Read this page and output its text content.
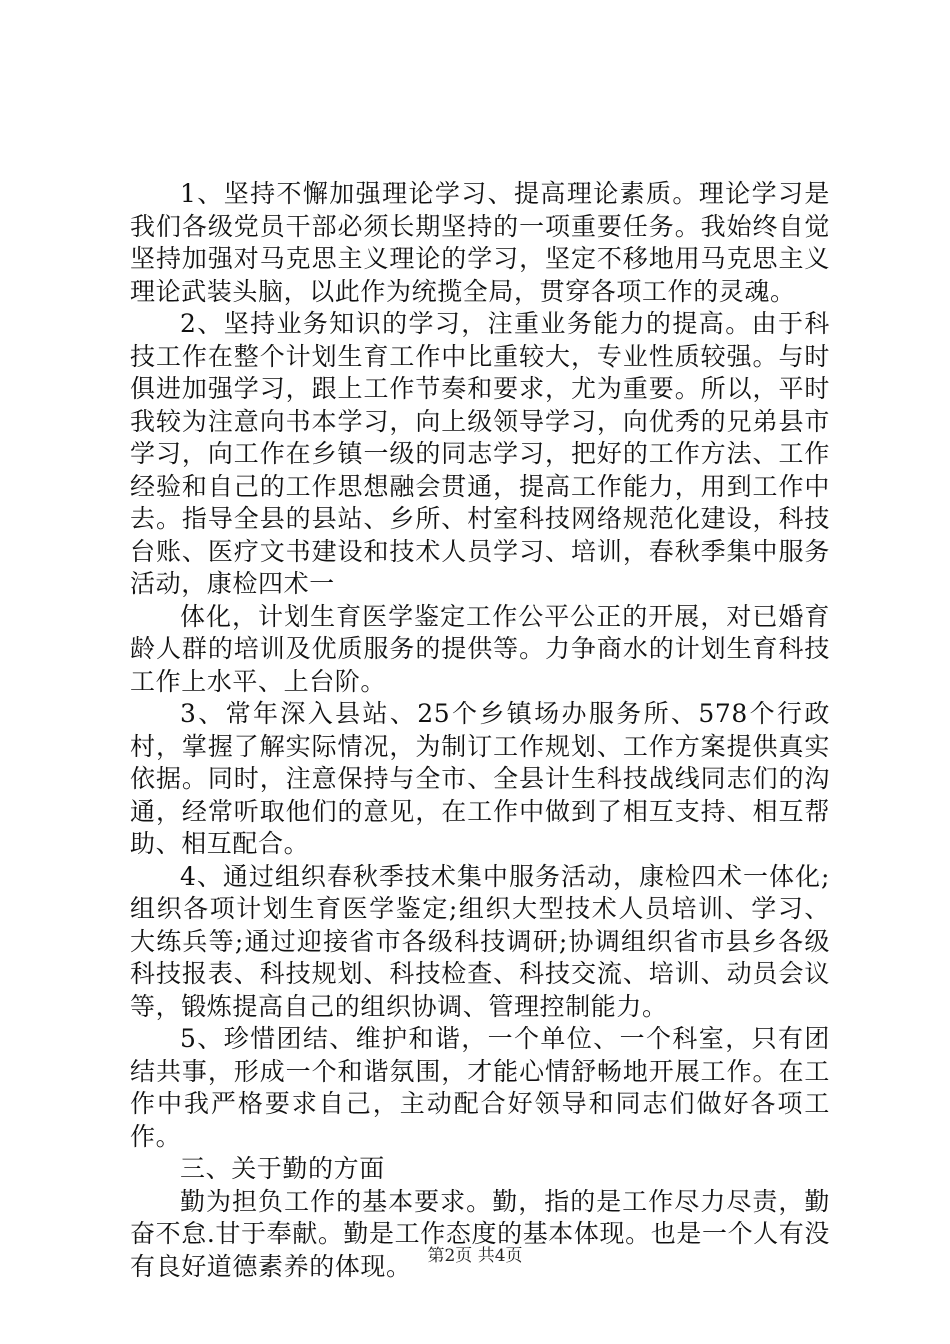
1、坚持不懈加强理论学习、提高理论素质。理论学习是我们各级党员干部必须长期坚持的一项重要任务。我始终自觉坚持加强对马克思主义理论的学习，坚定不移地用马克思主义理论武装头脑，以此作为统揽全局，贯穿各项工作的灵魂。

2、坚持业务知识的学习，注重业务能力的提高。由于科技工作在整个计划生育工作中比重较大，专业性质较强。与时俱进加强学习，跟上工作节奏和要求，尤为重要。所以，平时我较为注意向书本学习，向上级领导学习，向优秀的兄弟县市学习，向工作在乡镇一级的同志学习，把好的工作方法、工作经验和自己的工作思想融会贯通，提高工作能力，用到工作中去。指导全县的县站、乡所、村室科技网络规范化建设，科技台账、医疗文书建设和技术人员学习、培训，春秋季集中服务活动，康检四术一

体化，计划生育医学鉴定工作公平公正的开展，对已婚育龄人群的培训及优质服务的提供等。力争商水的计划生育科技工作上水平、上台阶。

3、常年深入县站、25个乡镇场办服务所、578个行政村，掌握了解实际情况，为制订工作规划、工作方案提供真实依据。同时，注意保持与全市、全县计生科技战线同志们的沟通，经常听取他们的意见，在工作中做到了相互支持、相互帮助、相互配合。

4、通过组织春秋季技术集中服务活动，康检四术一体化;组织各项计划生育医学鉴定;组织大型技术人员培训、学习、大练兵等;通过迎接省市各级科技调研;协调组织省市县乡各级科技报表、科技规划、科技检查、科技交流、培训、动员会议等，锻炼提高自己的组织协调、管理控制能力。

5、珍惜团结、维护和谐，一个单位、一个科室，只有团结共事，形成一个和谐氛围，才能心情舒畅地开展工作。在工作中我严格要求自己，主动配合好领导和同志们做好各项工作。

三、关于勤的方面

勤为担负工作的基本要求。勤，指的是工作尽力尽责，勤奋不怠.甘于奉献。勤是工作态度的基本体现。也是一个人有没有良好道德素养的体现。 第2页 共4页
